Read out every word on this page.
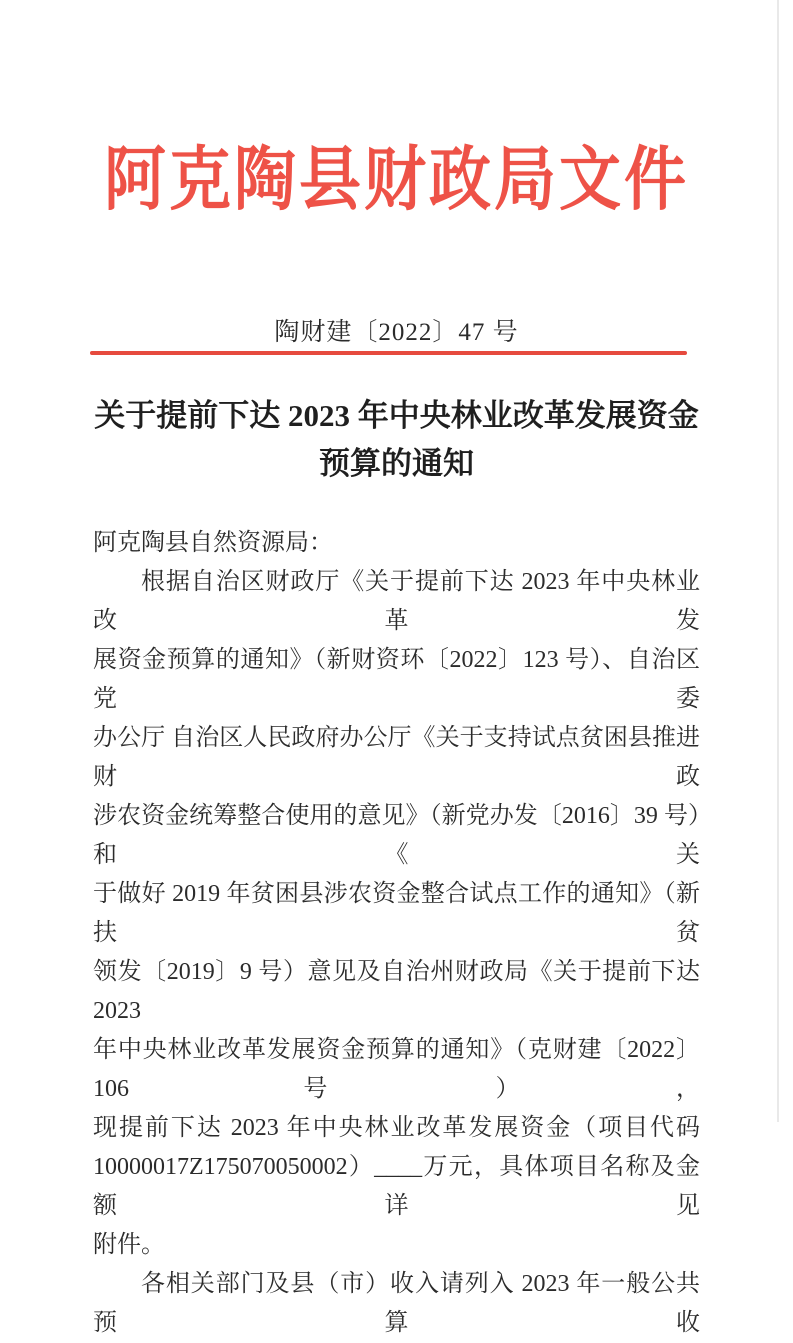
阿克陶县财政局文件
陶财建〔2022〕47 号
关于提前下达 2023 年中央林业改革发展资金
预算的通知
阿克陶县自然资源局：
根据自治区财政厅《关于提前下达 2023 年中央林业改革发
展资金预算的通知》（新财资环〔2022〕123 号）、自治区党委
办公厅 自治区人民政府办公厅《关于支持试点贫困县推进财政
涉农资金统筹整合使用的意见》（新党办发〔2016〕39 号）和《关
于做好 2019 年贫困县涉农资金整合试点工作的通知》（新扶贫
领发〔2019〕9 号）意见及自治州财政局《关于提前下达 2023
年中央林业改革发展资金预算的通知》（克财建〔2022〕106 号），
现提前下达 2023 年中央林业改革发展资金（项目代码
10000017Z175070050002）____万元，具体项目名称及金额详见
附件。
各相关部门及县（市）收入请列入 2023 年一般公共预算收
